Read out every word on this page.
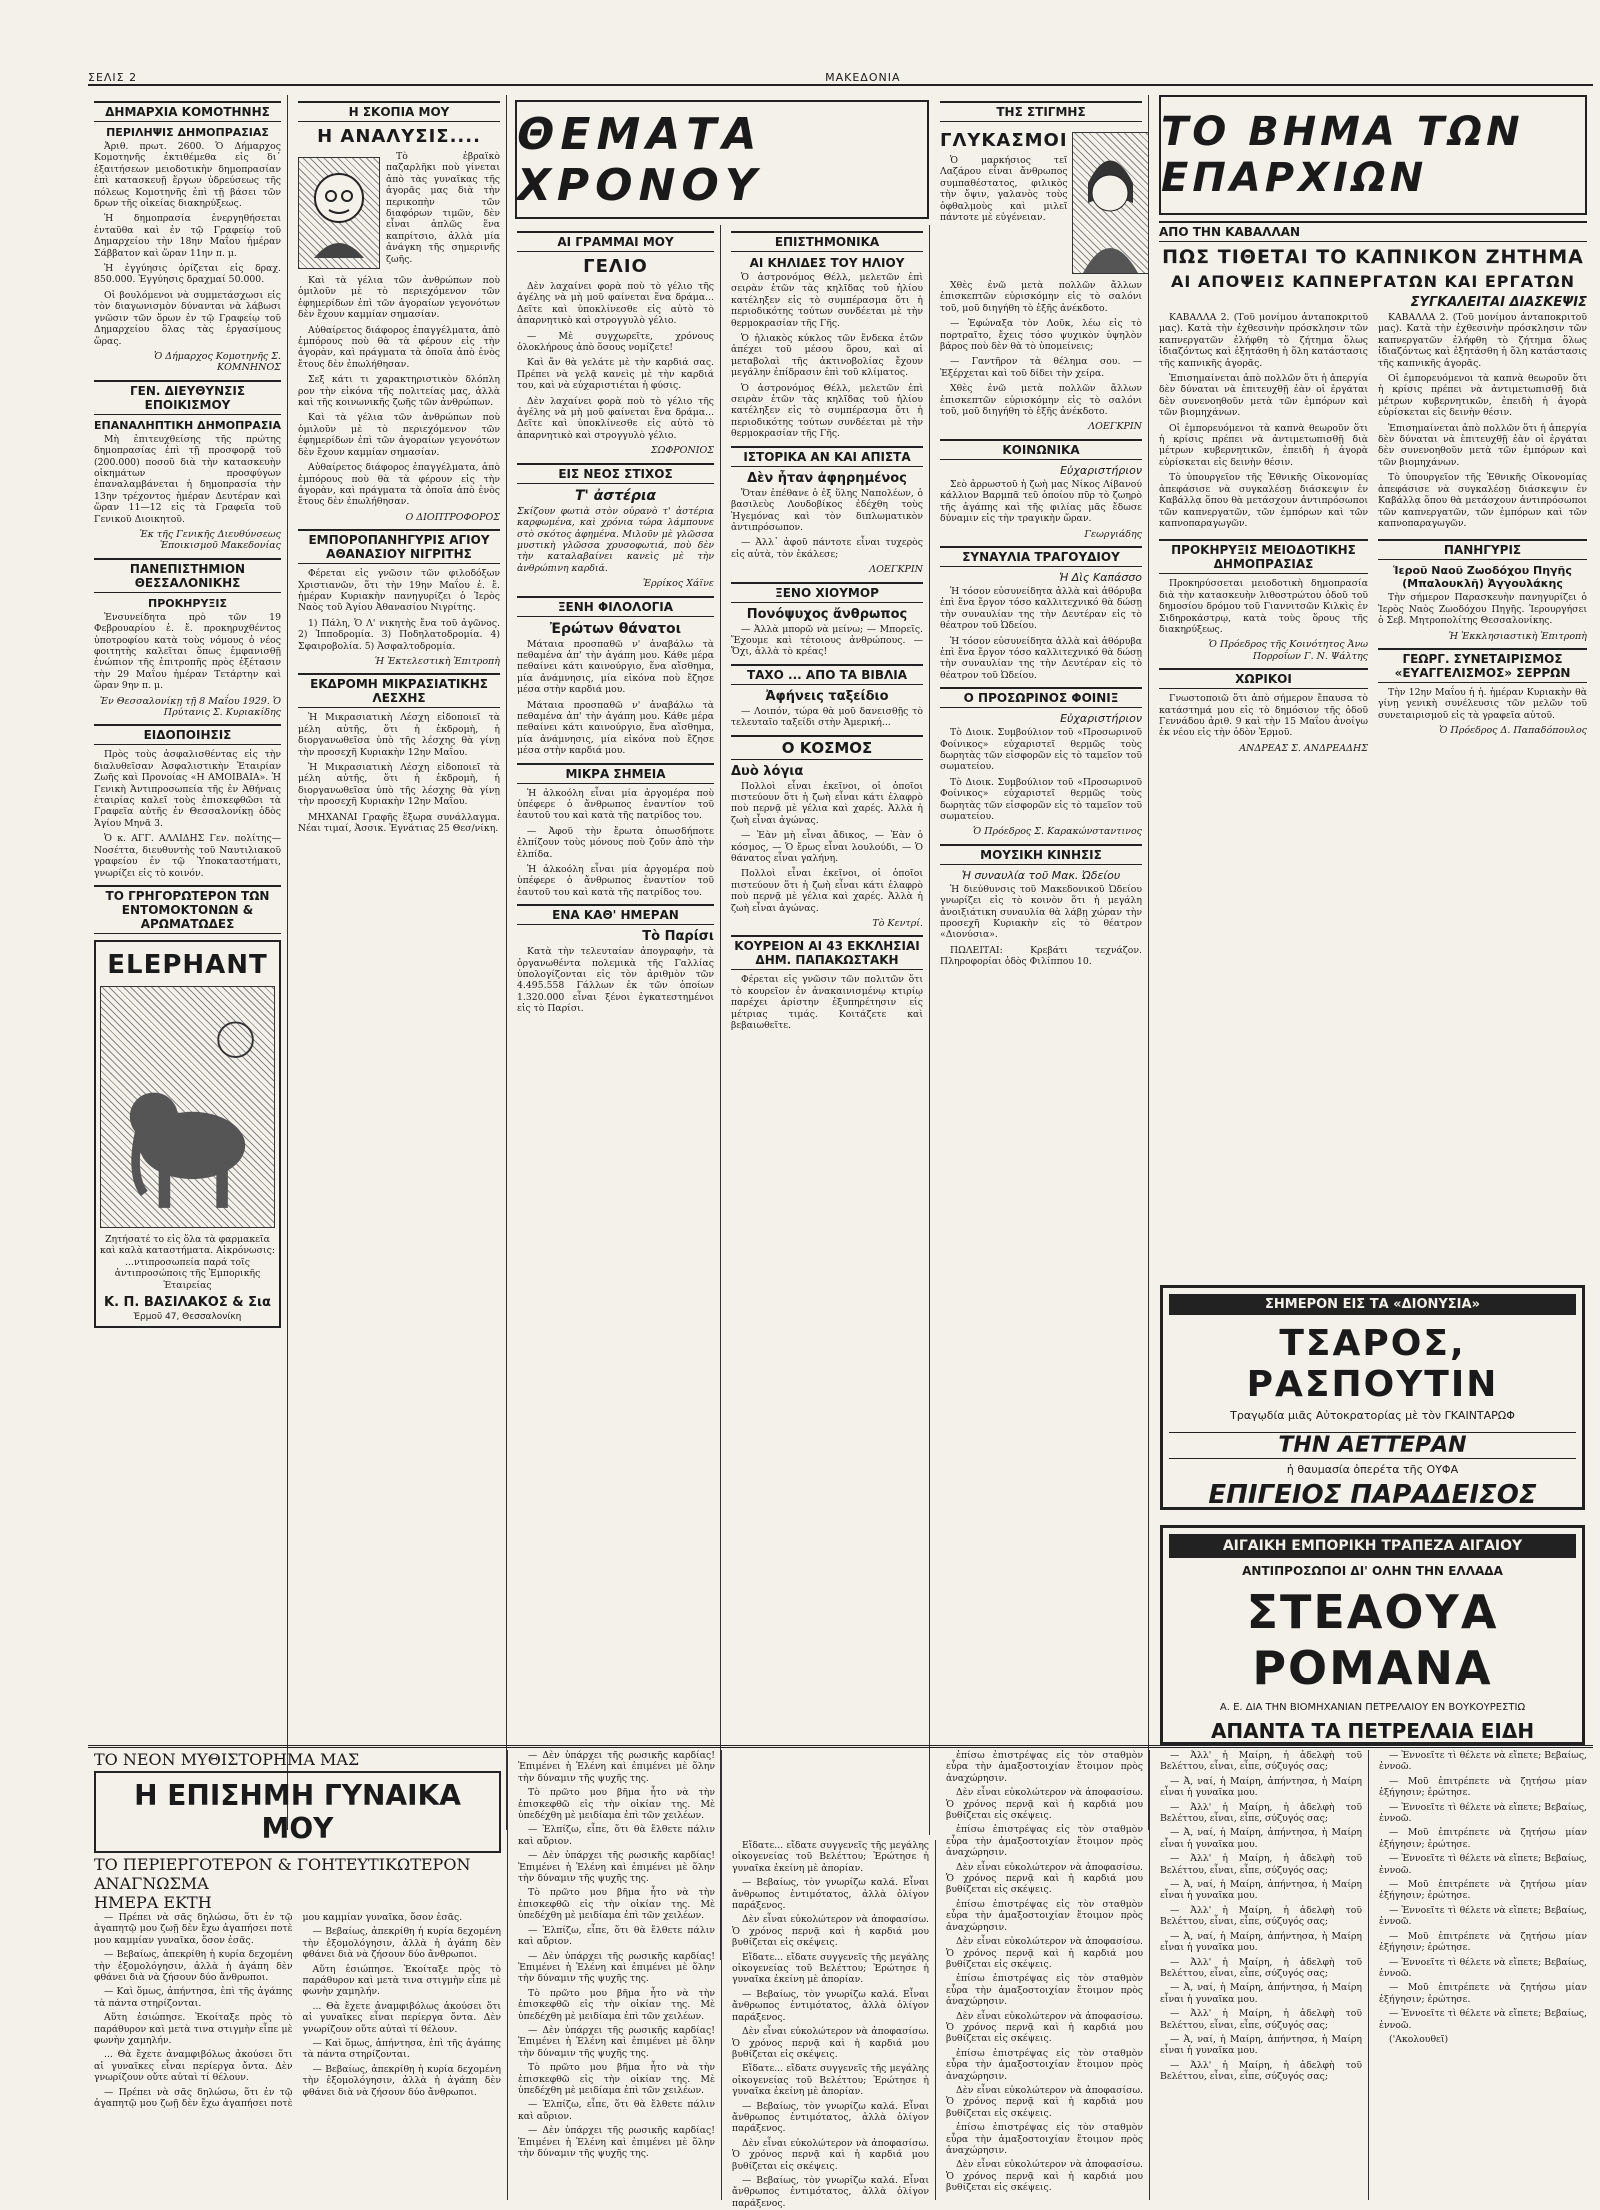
ΣΕΛΙΣ 2	ΜΑΚΕΔΟΝΙΑ

ΔΗΜΑΡΧΙΑ ΚΟΜΟΤΗΝΗΣ
ΠΕΡΙΛΗΨΙΣ ΔΗΜΟΠΡΑΣΙΑΣ

Ἀριθ. πρωτ. 2600. Ὁ Δήμαρχος Κομοτηνῆς ἐκτιθέμεθα εἰς δι᾽ ἐξαιτήσεων μειοδοτικὴν δημοπρασίαν ἐπὶ κατασκευῇ ἕργων ὑδρεύσεως τῆς πόλεως Κομοτηνῆς ἐπὶ τῇ βάσει τῶν δρων τῆς οἰκείας διακηρύξεως.

Ἡ δημοπρασία ἐνεργηθήσεται ἐνταῦθα καὶ ἐν τῷ Γραφείῳ τοῦ Δημαρχείου τὴν 18ην Μαΐου ἡμέραν Σάββατον καὶ ὥραν 11ην π. μ.

Ἡ ἐγγύησις ὁρίζεται εἰς δραχ. 850.000. Ἐγγύησις δραχμαί 50.000.

Οἱ βουλόμενοι νὰ συμμετάσχωσι εἰς τὸν διαγωνισμὸν δύνανται νὰ λάβωσι γνῶσιν τῶν ὅρων ἐν τῷ Γραφείῳ τοῦ Δημαρχείου ὅλας τὰς ἐργασίμους ὥρας.

Ὁ Δήμαρχος Κομοτηνῆς Σ. ΚΟΜΝΗΝΟΣ

ΓΕΝ. ΔΙΕΥΘΥΝΣΙΣ ΕΠΟΙΚΙΣΜΟΥ
ΕΠΑΝΑΛΗΠΤΙΚΗ ΔΗΜΟΠΡΑΣΙΑ

Μὴ ἐπιτευχθείσης τῆς πρώτης δημοπρασίας ἐπὶ τῇ προσφορᾷ τοῦ (200.000) ποσοῦ διὰ τὴν κατασκευὴν οἰκημάτων προσφύγων ἐπαναλαμβάνεται ἡ δημοπρασία τὴν 13ην τρέχοντος ἡμέραν Δευτέραν καὶ ὥραν 11—12 εἰς τὰ Γραφεῖα τοῦ Γενικοῦ Διοικητοῦ.

Ἐκ τῆς Γενικῆς Διευθύνσεως Ἐποικισμοῦ Μακεδονίας

ΠΑΝΕΠΙΣΤΗΜΙΟΝ ΘΕΣΣΑΛΟΝΙΚΗΣ
ΠΡΟΚΗΡΥΞΙΣ

Ἐνσυνείδητα πρὸ τῶν 19 Φεβρουαρίου ἐ. ἔ. προκηρυχθέντος ὑποτροφίου κατὰ τοὺς νόμους ὁ νέος φοιτητὴς καλεῖται ὅπως ἐμφανισθῇ ἐνώπιον τῆς ἐπιτροπῆς πρὸς ἐξέτασιν τὴν 29 Μαΐου ἡμέραν Τετάρτην καὶ ὥραν 9ην π. μ.

Ἐν Θεσσαλονίκῃ τῇ 8 Μαΐου 1929. Ὁ Πρύτανις Σ. Κυριακίδης

ΕΙΔΟΠΟΙΗΣΙΣ

Πρὸς τοὺς ἀσφαλισθέντας εἰς τὴν διαλυθεῖσαν Ἀσφαλιστικὴν Ἑταιρίαν Ζωῆς καὶ Προνοίας «Η ΑΜΟΙΒΑΙΑ». Ἡ Γενικὴ Ἀντιπροσωπεία τῆς ἐν Ἀθήναις ἐταιρίας καλεῖ τοὺς ἐπισκεφθῶσι τὰ Γραφεῖα αὐτῆς ἐν Θεσσαλονίκῃ ὁδὸς Ἁγίου Μηνᾶ 3.

Ὁ κ. ΑΓΓ. ΑΛΛΙΔΗΣ Γεν. πολίτης—Νοσέττα, διευθυντὴς τοῦ Ναυτιλιακοῦ γραφείου ἐν τῷ Ὑποκαταστήματι, γνωρίζει εἰς τὸ κοινόν.

ΤΟ ΓΡΗΓΟΡΩΤΕΡΟΝ ΤΩΝ ΕΝΤΟΜΟΚΤΟΝΩΝ & ΑΡΩΜΑΤΩΔΕΣ
ELEPHANT

Ζητήσατέ το εἰς ὅλα τὰ φαρμακεῖα καὶ καλὰ καταστήματα. Αἰκρόνωσις: ...ντιπροσωπεία παρά τοῖς ἀντιπροσώποις τῆς Ἐμπορικῆς Ἑταιρείας

Κ. Π. ΒΑΣΙΛΑΚΟΣ & Σια
Ἑρμοῦ 47, Θεσσαλονίκη
Η ΣΚΟΠΙΑ ΜΟΥ
Η ΑΝΑΛΥΣΙΣ....

Τὸ ἐβραϊκὸ παζαρλῆκι ποὺ γίνεται ἀπὸ τὰς γυναῖκας τῆς ἀγορᾶς μας διὰ τὴν περικοπὴν τῶν διαφόρων τιμῶν, δὲν εἶναι ἁπλῶς ἕνα καπρίτσιο, ἀλλὰ μία ἀνάγκη τῆς σημερινῆς ζωῆς.

Καὶ τὰ γέλια τῶν ἀνθρώπων ποὺ ὁμιλοῦν μὲ τὸ περιεχόμενον τῶν ἐφημερίδων ἐπὶ τῶν ἀγοραίων γεγονότων δὲν ἔχουν καμμίαν σημασίαν.

Αὐθαίρετος διάφορος ἐπαγγέλματα, ἀπὸ ἐμπόρους ποὺ θὰ τὰ φέρουν εἰς τὴν ἀγορὰν, καὶ πράγματα τὰ ὁποῖα ἀπὸ ἑνὸς ἔτους δὲν ἐπωλήθησαν.

Σεξ κάτι τι χαρακτηριστικὸν δλόπλη ρον τὴν εἰκόνα τῆς πολιτείας μας, ἀλλὰ καὶ τῆς κοινωνικῆς ζωῆς τῶν ἀνθρώπων.

Καὶ τὰ γέλια τῶν ἀνθρώπων ποὺ ὁμιλοῦν μὲ τὸ περιεχόμενον τῶν ἐφημερίδων ἐπὶ τῶν ἀγοραίων γεγονότων δὲν ἔχουν καμμίαν σημασίαν.

Αὐθαίρετος διάφορος ἐπαγγέλματα, ἀπὸ ἐμπόρους ποὺ θὰ τὰ φέρουν εἰς τὴν ἀγορὰν, καὶ πράγματα τὰ ὁποῖα ἀπὸ ἑνὸς ἔτους δὲν ἐπωλήθησαν.

Ο ΔΙΟΠΤΡΟΦΟΡΟΣ

ΕΜΠΟΡΟΠΑΝΗΓΥΡΙΣ ΑΓΙΟΥ ΑΘΑΝΑΣΙΟΥ ΝΙΓΡΙΤΗΣ

Φέρεται εἰς γνῶσιν τῶν φιλοδόξων Χριστιανῶν, ὅτι τὴν 19ην Μαΐου ἐ. ἔ. ἡμέραν Κυριακὴν πανηγυρίζει ὁ Ἱερὸς Ναὸς τοῦ Ἁγίου Ἀθανασίου Νιγρίτης.

1) Πάλη, Ὁ Λ' νικητὴς ἔνα τοῦ ἀγῶνος. 2) Ἱπποδρομία. 3) Ποδηλατοδρομία. 4) Σφαιροβολία. 5) Ἀσφαλτοδρομία.

Ἡ Ἐκτελεστικὴ Ἐπιτροπὴ

ΕΚΔΡΟΜΗ ΜΙΚΡΑΣΙΑΤΙΚΗΣ ΛΕΣΧΗΣ

Ἡ Μικρασιατικὴ Λέσχη εἰδοποιεῖ τὰ μέλη αὐτῆς, ὅτι ἡ ἐκδρομὴ, ἡ διοργανωθεῖσα ὑπὸ τῆς λέσχης θὰ γίνῃ τὴν προσεχῆ Κυριακὴν 12ην Μαΐου.

Ἡ Μικρασιατικὴ Λέσχη εἰδοποιεῖ τὰ μέλη αὐτῆς, ὅτι ἡ ἐκδρομὴ, ἡ διοργανωθεῖσα ὑπὸ τῆς λέσχης θὰ γίνῃ τὴν προσεχῆ Κυριακὴν 12ην Μαΐου.

ΜΗΧΑΝΑΙ Γραφῆς ἕξωρα συνάλλαγμα. Νέαι τιμαί, Ἀσσικ. Ἐγνάτιας 25 Θεσ/νίκη.

ΑΙ ΓΡΑΜΜΑΙ ΜΟΥ
ΓΕΛΙΟ

Δὲν λαχαίνει φορὰ ποὺ τὸ γέλιο τῆς ἀγέλης νὰ μὴ μοῦ φαίνεται ἕνα δράμα... Δεῖτε καὶ ὑποκλίνεσθε εἰς αὐτὸ τὸ ἀπαρνητικὸ καὶ στρογγυλὸ γέλιο.

— Μὲ συγχωρεῖτε, χρόνους ὁλοκλήρους ἀπὸ ὅσους νομίζετε!

Καὶ ἄν θὰ γελάτε μὲ τὴν καρδιά σας. Πρέπει νὰ γελᾷ κανεὶς μὲ τὴν καρδιά του, καὶ νὰ εὐχαριστιέται ἡ φύσις.

Δὲν λαχαίνει φορὰ ποὺ τὸ γέλιο τῆς ἀγέλης νὰ μὴ μοῦ φαίνεται ἕνα δράμα... Δεῖτε καὶ ὑποκλίνεσθε εἰς αὐτὸ τὸ ἀπαρνητικὸ καὶ στρογγυλὸ γέλιο.

ΣΩΦΡΟΝΙΟΣ

ΕΙΣ ΝΕΟΣ ΣΤΙΧΟΣ
Τ' ἀστέρια

Σκίζουν φωτιὰ στὸν οὐρανὸ τ' ἀστέρια καρφωμένα, καὶ χρόνια τώρα λάμπουνε στὸ σκότος ἀφημένα. Μιλοῦν μὲ γλῶσσα μυστικὴ γλῶσσα χρυσοφωτιά, ποὺ δὲν τὴν καταλαβαίνει κανεὶς μὲ τὴν ἀνθρώπινη καρδιά.

Ἐρρίκος Χάϊνε

ΞΕΝΗ ΦΙΛΟΛΟΓΙΑ
Ἐρώτων θάνατοι

Μάταια προσπαθῶ ν' ἀναβάλω τὰ πεθαμένα ἀπ' τὴν ἀγάπη μου. Κάθε μέρα πεθαίνει κάτι καινούργιο, ἕνα αἴσθημα, μία ἀνάμνησις, μία εἰκόνα ποὺ ἔζησε μέσα στὴν καρδιά μου.

Μάταια προσπαθῶ ν' ἀναβάλω τὰ πεθαμένα ἀπ' τὴν ἀγάπη μου. Κάθε μέρα πεθαίνει κάτι καινούργιο, ἕνα αἴσθημα, μία ἀνάμνησις, μία εἰκόνα ποὺ ἔζησε μέσα στὴν καρδιά μου.

ΜΙΚΡΑ ΣΗΜΕΙΑ

Ἡ ἀλκοόλη εἶναι μία ἀργομέρα ποὺ ὑπέφερε ὁ ἄνθρωπος ἐναντίον τοῦ ἑαυτοῦ του καὶ κατὰ τῆς πατρίδος του.

— Ἀφοῦ τὴν ἔρωτα ὁπωσδήποτε ἐλπίζουν τοὺς μόνους ποὺ ζοῦν ἀπὸ τὴν ἐλπίδα.

Ἡ ἀλκοόλη εἶναι μία ἀργομέρα ποὺ ὑπέφερε ὁ ἄνθρωπος ἐναντίον τοῦ ἑαυτοῦ του καὶ κατὰ τῆς πατρίδος του.

ΕΝΑ ΚΑΘ' ΗΜΕΡΑΝ
Τὸ Παρίσι

Κατὰ τὴν τελευταίαν ἀπογραφὴν, τὰ ὀργανωθέντα πολεμικὰ τῆς Γαλλίας ὑπολογίζονται εἰς τὸν ἀριθμὸν τῶν 4.495.558 Γάλλων ἐκ τῶν ὁποίων 1.320.000 εἶναι ξένοι ἐγκατεστημένοι εἰς τὸ Παρίσι.

ΘΕΜΑΤΑ ΧΡΟΝΟΥ
ΕΠΙΣΤΗΜΟΝΙΚΑ
ΑΙ ΚΗΛΙΔΕΣ ΤΟΥ ΗΛΙΟΥ

Ὁ ἀστρονόμος Θέλλ, μελετῶν ἐπὶ σειρὰν ἐτῶν τὰς κηλῖδας τοῦ ἡλίου κατέληξεν εἰς τὸ συμπέρασμα ὅτι ἡ περιοδικότης τούτων συνδέεται μὲ τὴν θερμοκρασίαν τῆς Γῆς.

Ὁ ἡλιακὸς κύκλος τῶν ἕνδεκα ἐτῶν ἀπέχει τοῦ μέσου ὅρου, καὶ αἱ μεταβολαὶ τῆς ἀκτινοβολίας ἔχουν μεγάλην ἐπίδρασιν ἐπὶ τοῦ κλίματος.

Ὁ ἀστρονόμος Θέλλ, μελετῶν ἐπὶ σειρὰν ἐτῶν τὰς κηλῖδας τοῦ ἡλίου κατέληξεν εἰς τὸ συμπέρασμα ὅτι ἡ περιοδικότης τούτων συνδέεται μὲ τὴν θερμοκρασίαν τῆς Γῆς.

ΙΣΤΟΡΙΚΑ ΑΝ ΚΑΙ ΑΠΙΣΤΑ
Δὲν ἦταν ἀφηρημένος

Ὅταν ἐπέθανε ὁ ἐξ ὕλης Ναπολέων, ὁ βασιλεὺς Λουδοβίκος ἐδέχθη τοὺς Ἡγεμόνας καὶ τὸν διπλωματικὸν ἀντιπρόσωπον.

— Ἀλλ᾽ ἀφοῦ πάντοτε εἶναι τυχερὸς εἰς αὐτὰ, τὸν ἐκάλεσε;

ΛΟΕΓΚΡΙΝ

ΞΕΝΟ ΧΙΟΥΜΟΡ
Πονόψυχος ἄνθρωπος

— Ἀλλὰ μπορῶ νὰ μείνω; — Μπορεῖς. Ἔχουμε καὶ τέτοιους ἀνθρώπους. — Ὄχι, ἀλλὰ τὸ κρέας!

ΤΑΧΟ ... ΑΠΟ ΤΑ ΒΙΒΛΙΑ
Ἀφήνεις ταξείδιο

— Λοιπόν, τώρα θὰ μοῦ δανεισθῇς τὸ τελευταῖο ταξείδι στὴν Ἀμερική...

Ο ΚΟΣΜΟΣ
Δυὸ λόγια

Πολλοὶ εἶναι ἐκεῖνοι, οἱ ὁποῖοι πιστεύουν ὅτι ἡ ζωὴ εἶναι κάτι ἐλαφρὸ ποὺ περνᾷ μὲ γέλια καὶ χαρές. Ἀλλὰ ἡ ζωὴ εἶναι ἀγώνας.

— Ἐὰν μὴ εἶναι ἄδικος, — Ἐὰν ὁ κόσμος, — Ὁ ἔρως εἶναι λουλούδι, — Ὁ θάνατος εἶναι γαλήνη.

Πολλοὶ εἶναι ἐκεῖνοι, οἱ ὁποῖοι πιστεύουν ὅτι ἡ ζωὴ εἶναι κάτι ἐλαφρὸ ποὺ περνᾷ μὲ γέλια καὶ χαρές. Ἀλλὰ ἡ ζωὴ εἶναι ἀγώνας.

Τὸ Κεντρί.

ΚΟΥΡΕΙΟΝ ΑΙ 43 ΕΚΚΛΗΣΙΑΙ ΔΗΜ. ΠΑΠΑΚΩΣΤΑΚΗ

Φέρεται εἰς γνῶσιν τῶν πολιτῶν ὅτι τὸ κουρεῖον ἐν ἀνακαινισμένῳ κτιρίῳ παρέχει ἀρίστην ἐξυπηρέτησιν εἰς μέτριας τιμάς. Κοιτάζετε καὶ βεβαιωθεῖτε.

ΤΗΣ ΣΤΙΓΜΗΣ
ΓΛΥΚΑΣΜΟΙ

Ὁ μαρκήσιος τεῖ Λαζάρου εἶναι ἄνθρωπος συμπαθέστατος, φιλικὸς τὴν ὄψιν, γαλανὸς τοὺς ὀφθαλμοὺς καὶ μιλεῖ πάντοτε μὲ εὐγένειαν.

Χθὲς ἐνῶ μετὰ πολλῶν ἄλλων ἐπισκεπτῶν εὑρισκόμην εἰς τὸ σαλόνι τοῦ, μοῦ διηγήθη τὸ ἑξῆς ἀνέκδοτο.

— Ἐφώναξα τὸν Λοῦκ, λέω εἰς τὸ πορτραῖτο, ἔχεις τόσο ψυχικὸν ὑψηλὸν βάρος ποὺ δὲν θὰ τὸ ὑπομείνεις;

— Γαντῆρον τὰ θέλημα σου. — Ἐξέρχεται καὶ τοῦ δίδει τὴν χείρα.

Χθὲς ἐνῶ μετὰ πολλῶν ἄλλων ἐπισκεπτῶν εὑρισκόμην εἰς τὸ σαλόνι τοῦ, μοῦ διηγήθη τὸ ἑξῆς ἀνέκδοτο.

ΛΟΕΓΚΡΙΝ

ΚΟΙΝΩΝΙΚΑ
Εὐχαριστήριον

Σεὸ ἀρρωστοῦ ἡ ζωὴ μας Νίκος Λίβανού κάλλιον Βαρμπᾶ τεῦ ὁποίου πῦρ τὸ ζωηρὸ τῆς ἀγάπης καὶ τῆς φιλίας μᾶς ἔδωσε δύναμιν εἰς τὴν τραγικὴν ὥραν.

Γεωργιάδης

ΣΥΝΑΥΛΙΑ ΤΡΑΓΟΥΔΙΟΥ
Ἡ Δὶς Καπάσσο

Ἡ τόσον εὐσυνείδητα ἀλλὰ καὶ ἀθόρυβα ἐπὶ ἕνα ἔργον τόσο καλλιτεχνικό θὰ δώσῃ τὴν συναυλίαν της τὴν Δευτέραν εἰς τὸ θέατρον τοῦ Ὠδείου.

Ἡ τόσον εὐσυνείδητα ἀλλὰ καὶ ἀθόρυβα ἐπὶ ἕνα ἔργον τόσο καλλιτεχνικό θὰ δώσῃ τὴν συναυλίαν της τὴν Δευτέραν εἰς τὸ θέατρον τοῦ Ὠδείου.

Ο ΠΡΟΣΩΡΙΝΟΣ ΦΟΙΝΙΞ
Εὐχαριστήριον

Τὸ Διοικ. Συμβούλιον τοῦ «Προσωρινοῦ Φοίνικος» εὐχαριστεῖ θερμῶς τοὺς δωρητὰς τῶν εἰσφορῶν εἰς τὸ ταμεῖον τοῦ σωματείου.

Τὸ Διοικ. Συμβούλιον τοῦ «Προσωρινοῦ Φοίνικος» εὐχαριστεῖ θερμῶς τοὺς δωρητὰς τῶν εἰσφορῶν εἰς τὸ ταμεῖον τοῦ σωματείου.

Ὁ Πρόεδρος Σ. Καρακώνσταντινος

ΜΟΥΣΙΚΗ ΚΙΝΗΣΙΣ
Ἡ συναυλία τοῦ Μακ. Ὠδείου

Ἡ διεύθυνσις τοῦ Μακεδονικοῦ Ὠδείου γνωρίζει εἰς τὸ κοινὸν ὅτι ἡ μεγάλη ἀνοιξιάτικη συναυλία θὰ λάβῃ χώραν τὴν προσεχῆ Κυριακὴν εἰς τὸ θέατρον «Διονύσια».

ΠΩΛΕΙΤΑΙ: Κρεβάτι τεχνάζον. Πληροφορίαι ὁδὸς Φιλίππου 10.

ΤΟ ΒΗΜΑ ΤΩΝ ΕΠΑΡΧΙΩΝ
ΑΠΟ ΤΗΝ ΚΑΒΑΛΛΑΝ
ΠΩΣ ΤΙΘΕΤΑΙ ΤΟ ΚΑΠΝΙΚΟΝ ΖΗΤΗΜΑ
ΑΙ ΑΠΟΨΕΙΣ ΚΑΠΝΕΡΓΑΤΩΝ ΚΑΙ ΕΡΓΑΤΩΝ
ΣΥΓΚΑΛΕΙΤΑΙ ΔΙΑΣΚΕΨΙΣ

ΚΑΒΑΛΛΑ 2. (Τοῦ μονίμου ἀνταποκριτοῦ μας). Κατὰ τὴν ἐχθεσινὴν πρόσκλησιν τῶν καπνεργατῶν ἐλήφθη τὸ ζήτημα ὅλως ἰδιαζόντως καὶ ἐξητάσθη ἡ ὅλη κατάστασις τῆς καπνικῆς ἀγορᾶς.

Ἐπισημαίνεται ἀπὸ πολλῶν ὅτι ἡ ἀπεργία δὲν δύναται νὰ ἐπιτευχθῇ ἐὰν οἱ ἐργάται δὲν συνενοηθοῦν μετὰ τῶν ἐμπόρων καὶ τῶν βιομηχάνων.

Οἱ ἐμπορευόμενοι τὰ καπνὰ θεωροῦν ὅτι ἡ κρίσις πρέπει νὰ ἀντιμετωπισθῇ διὰ μέτρων κυβερνητικῶν, ἐπειδὴ ἡ ἀγορὰ εὑρίσκεται εἰς δεινὴν θέσιν.

Τὸ ὑπουργεῖον τῆς Ἐθνικῆς Οἰκονομίας ἀπεφάσισε νὰ συγκαλέσῃ διάσκεψιν ἐν Καβάλλᾳ ὅπου θὰ μετάσχουν ἀντιπρόσωποι τῶν καπνεργατῶν, τῶν ἐμπόρων καὶ τῶν καπνοπαραγωγῶν.

ΚΑΒΑΛΛΑ 2. (Τοῦ μονίμου ἀνταποκριτοῦ μας). Κατὰ τὴν ἐχθεσινὴν πρόσκλησιν τῶν καπνεργατῶν ἐλήφθη τὸ ζήτημα ὅλως ἰδιαζόντως καὶ ἐξητάσθη ἡ ὅλη κατάστασις τῆς καπνικῆς ἀγορᾶς.

Οἱ ἐμπορευόμενοι τὰ καπνὰ θεωροῦν ὅτι ἡ κρίσις πρέπει νὰ ἀντιμετωπισθῇ διὰ μέτρων κυβερνητικῶν, ἐπειδὴ ἡ ἀγορὰ εὑρίσκεται εἰς δεινὴν θέσιν.

Ἐπισημαίνεται ἀπὸ πολλῶν ὅτι ἡ ἀπεργία δὲν δύναται νὰ ἐπιτευχθῇ ἐὰν οἱ ἐργάται δὲν συνενοηθοῦν μετὰ τῶν ἐμπόρων καὶ τῶν βιομηχάνων.

Τὸ ὑπουργεῖον τῆς Ἐθνικῆς Οἰκονομίας ἀπεφάσισε νὰ συγκαλέσῃ διάσκεψιν ἐν Καβάλλᾳ ὅπου θὰ μετάσχουν ἀντιπρόσωποι τῶν καπνεργατῶν, τῶν ἐμπόρων καὶ τῶν καπνοπαραγωγῶν.

ΠΡΟΚΗΡΥΞΙΣ ΜΕΙΟΔΟΤΙΚΗΣ ΔΗΜΟΠΡΑΣΙΑΣ

Προκηρύσσεται μειοδοτικὴ δημοπρασία διὰ τὴν κατασκευὴν λιθοστρώτου ὁδοῦ τοῦ δημοσίου δρόμου τοῦ Γιαννιτσῶν Κιλκὶς ἐν Σιδηροκάστρῳ, κατὰ τοὺς ὅρους τῆς διακηρύξεως.

Ὁ Πρόεδρος τῆς Κοινότητος Ἀνω Πορροΐων Γ. Ν. Ψάλτης

ΧΩΡΙΚΟΙ

Γνωστοποιῶ ὅτι ἀπὸ σήμερον ἔπαυσα τὸ κατάστημά μου εἰς τὸ δημόσιον τῆς ὁδοῦ Γεννάδου ἀριθ. 9 καὶ τὴν 15 Μαΐου ἀνοίγω ἐκ νέου εἰς τὴν ὁδὸν Ἑρμοῦ.

ΑΝΔΡΕΑΣ Σ. ΑΝΔΡΕΑΔΗΣ

ΠΑΝΗΓΥΡΙΣ
Ἱεροῦ Ναοῦ Ζωοδόχου Πηγῆς (Μπαλουκλῆ) Ἀγγουλάκης

Τὴν σήμερον Παρασκευὴν πανηγυρίζει ὁ Ἱερὸς Ναὸς Ζωοδόχου Πηγῆς. Ἱερουργήσει ὁ Σεβ. Μητροπολίτης Θεσσαλονίκης.

Ἡ Ἐκκλησιαστικὴ Ἐπιτροπὴ

ΓΕΩΡΓ. ΣΥΝΕΤΑΙΡΙΣΜΟΣ «ΕΥΑΓΓΕΛΙΣΜΟΣ» ΣΕΡΡΩΝ

Τὴν 12ην Μαΐου ἡ ἡ. ἡμέραν Κυριακὴν θὰ γίνῃ γενικὴ συνέλευσις τῶν μελῶν τοῦ συνεταιρισμοῦ εἰς τὰ γραφεῖα αὐτοῦ.

Ὁ Πρόεδρος Δ. Παπαδόπουλος

ΣΗΜΕΡΟΝ ΕΙΣ ΤΑ «ΔΙΟΝΥΣΙΑ»
ΤΣΑΡΟΣ, ΡΑΣΠΟΥΤΙΝ
Τραγῳδία μιᾶς Αὐτοκρατορίας μὲ τὸν ΓΚΑΙΝΤΑΡΩΦ
ΤΗΝ ΑΕΤΤΕΡΑΝ
ἡ θαυμασία ὀπερέτα τῆς ΟΥΦΑ
ΕΠΙΓΕΙΟΣ ΠΑΡΑΔΕΙΣΟΣ
ΑΙΓΑΙΚΗ ΕΜΠΟΡΙΚΗ ΤΡΑΠΕΖΑ ΑΙΓΑΙΟΥ
ΑΝΤΙΠΡΟΣΩΠΟΙ ΔΙ' ΟΛΗΝ ΤΗΝ ΕΛΛΑΔΑ
ΣΤΕΑΟΥΑ ΡΟΜΑΝΑ
Α. Ε. ΔΙΑ ΤΗΝ ΒΙΟΜΗΧΑΝΙΑΝ ΠΕΤΡΕΛΑΙΟΥ ΕΝ ΒΟΥΚΟΥΡΕΣΤΙΩ
ΑΠΑΝΤΑ ΤΑ ΠΕΤΡΕΛΑΙΑ ΕΙΔΗ
ΤΟ ΝΕΟΝ ΜΥΘΙΣΤΟΡΗΜΑ ΜΑΣ
Η ΕΠΙΣΗΜΗ ΓΥΝΑΙΚΑ ΜΟΥ
ΤΟ ΠΕΡΙΕΡΓΟΤΕΡΟΝ & ΓΟΗΤΕΥΤΙΚΩΤΕΡΟΝ ΑΝΑΓΝΩΣΜΑ
ΗΜΕΡΑ ΕΚΤΗ

— Πρέπει νὰ σᾶς δηλώσω, ὅτι ἐν τῷ ἀγαπητῷ μου ζωῇ δὲν ἔχω ἀγαπήσει ποτὲ μου καμμίαν γυναῖκα, ὅσον ἐσᾶς.

— Βεβαίως, ἀπεκρίθη ἡ κυρία δεχομένη τὴν ἐξομολόγησιν, ἀλλὰ ἡ ἀγάπη δὲν φθάνει διὰ νὰ ζήσουν δύο ἄνθρωποι.

— Καὶ ὅμως, ἀπήντησα, ἐπὶ τῆς ἀγάπης τὰ πάντα στηρίζονται.

Αὕτη ἐσιώπησε. Ἐκοίταξε πρὸς τὸ παράθυρον καὶ μετὰ τινα στιγμὴν εἶπε μὲ φωνὴν χαμηλήν.

... Θὰ ἔχετε ἀναμφιβόλως ἀκούσει ὅτι αἱ γυναῖκες εἶναι περίεργα ὄντα. Δὲν γνωρίζουν οὔτε αὐταὶ τί θέλουν.

— Πρέπει νὰ σᾶς δηλώσω, ὅτι ἐν τῷ ἀγαπητῷ μου ζωῇ δὲν ἔχω ἀγαπήσει ποτὲ μου καμμίαν γυναῖκα, ὅσον ἐσᾶς.

— Βεβαίως, ἀπεκρίθη ἡ κυρία δεχομένη τὴν ἐξομολόγησιν, ἀλλὰ ἡ ἀγάπη δὲν φθάνει διὰ νὰ ζήσουν δύο ἄνθρωποι.

Αὕτη ἐσιώπησε. Ἐκοίταξε πρὸς τὸ παράθυρον καὶ μετὰ τινα στιγμὴν εἶπε μὲ φωνὴν χαμηλήν.

... Θὰ ἔχετε ἀναμφιβόλως ἀκούσει ὅτι αἱ γυναῖκες εἶναι περίεργα ὄντα. Δὲν γνωρίζουν οὔτε αὐταὶ τί θέλουν.

— Καὶ ὅμως, ἀπήντησα, ἐπὶ τῆς ἀγάπης τὰ πάντα στηρίζονται.

— Βεβαίως, ἀπεκρίθη ἡ κυρία δεχομένη τὴν ἐξομολόγησιν, ἀλλὰ ἡ ἀγάπη δὲν φθάνει διὰ νὰ ζήσουν δύο ἄνθρωποι.

— Δὲν ὑπάρχει τῆς ρωσικῆς καρδίας! Ἐπιμένει ἡ Ἑλένη καὶ ἐπιμένει μὲ ὅλην τὴν δύναμιν τῆς ψυχῆς της.

Τὸ πρῶτο μου βῆμα ἦτο νὰ τὴν ἐπισκεφθῶ εἰς τὴν οἰκίαν της. Μὲ ὑπεδέχθη μὲ μειδίαμα ἐπὶ τῶν χειλέων.

— Ἐλπίζω, εἶπε, ὅτι θὰ ἔλθετε πάλιν καὶ αὔριον.

— Δὲν ὑπάρχει τῆς ρωσικῆς καρδίας! Ἐπιμένει ἡ Ἑλένη καὶ ἐπιμένει μὲ ὅλην τὴν δύναμιν τῆς ψυχῆς της.

Τὸ πρῶτο μου βῆμα ἦτο νὰ τὴν ἐπισκεφθῶ εἰς τὴν οἰκίαν της. Μὲ ὑπεδέχθη μὲ μειδίαμα ἐπὶ τῶν χειλέων.

— Ἐλπίζω, εἶπε, ὅτι θὰ ἔλθετε πάλιν καὶ αὔριον.

— Δὲν ὑπάρχει τῆς ρωσικῆς καρδίας! Ἐπιμένει ἡ Ἑλένη καὶ ἐπιμένει μὲ ὅλην τὴν δύναμιν τῆς ψυχῆς της.

Τὸ πρῶτο μου βῆμα ἦτο νὰ τὴν ἐπισκεφθῶ εἰς τὴν οἰκίαν της. Μὲ ὑπεδέχθη μὲ μειδίαμα ἐπὶ τῶν χειλέων.

— Δὲν ὑπάρχει τῆς ρωσικῆς καρδίας! Ἐπιμένει ἡ Ἑλένη καὶ ἐπιμένει μὲ ὅλην τὴν δύναμιν τῆς ψυχῆς της.

Τὸ πρῶτο μου βῆμα ἦτο νὰ τὴν ἐπισκεφθῶ εἰς τὴν οἰκίαν της. Μὲ ὑπεδέχθη μὲ μειδίαμα ἐπὶ τῶν χειλέων.

— Ἐλπίζω, εἶπε, ὅτι θὰ ἔλθετε πάλιν καὶ αὔριον.

— Δὲν ὑπάρχει τῆς ρωσικῆς καρδίας! Ἐπιμένει ἡ Ἑλένη καὶ ἐπιμένει μὲ ὅλην τὴν δύναμιν τῆς ψυχῆς της.

Εἴδατε... εἴδατε συγγενεῖς τῆς μεγάλης οἰκογενείας τοῦ Βελέττου; Ἐρώτησε ἡ γυναῖκα ἐκείνη μὲ ἀπορίαν.

— Βεβαίως, τὸν γνωρίζω καλά. Εἶναι ἄνθρωπος ἐντιμότατος, ἀλλὰ ὀλίγον παράξενος.

Δὲν εἶναι εὐκολώτερον νὰ ἀποφασίσω. Ὁ χρόνος περνᾷ καὶ ἡ καρδιά μου βυθίζεται εἰς σκέψεις.

Εἴδατε... εἴδατε συγγενεῖς τῆς μεγάλης οἰκογενείας τοῦ Βελέττου; Ἐρώτησε ἡ γυναῖκα ἐκείνη μὲ ἀπορίαν.

— Βεβαίως, τὸν γνωρίζω καλά. Εἶναι ἄνθρωπος ἐντιμότατος, ἀλλὰ ὀλίγον παράξενος.

Δὲν εἶναι εὐκολώτερον νὰ ἀποφασίσω. Ὁ χρόνος περνᾷ καὶ ἡ καρδιά μου βυθίζεται εἰς σκέψεις.

Εἴδατε... εἴδατε συγγενεῖς τῆς μεγάλης οἰκογενείας τοῦ Βελέττου; Ἐρώτησε ἡ γυναῖκα ἐκείνη μὲ ἀπορίαν.

— Βεβαίως, τὸν γνωρίζω καλά. Εἶναι ἄνθρωπος ἐντιμότατος, ἀλλὰ ὀλίγον παράξενος.

Δὲν εἶναι εὐκολώτερον νὰ ἀποφασίσω. Ὁ χρόνος περνᾷ καὶ ἡ καρδιά μου βυθίζεται εἰς σκέψεις.

— Βεβαίως, τὸν γνωρίζω καλά. Εἶναι ἄνθρωπος ἐντιμότατος, ἀλλὰ ὀλίγον παράξενος.

ἐπίσω ἐπιστρέψας εἰς τὸν σταθμὸν εὗρα τὴν ἁμαξοστοιχίαν ἕτοιμον πρὸς ἀναχώρησιν.

Δὲν εἶναι εὐκολώτερον νὰ ἀποφασίσω. Ὁ χρόνος περνᾷ καὶ ἡ καρδιά μου βυθίζεται εἰς σκέψεις.

ἐπίσω ἐπιστρέψας εἰς τὸν σταθμὸν εὗρα τὴν ἁμαξοστοιχίαν ἕτοιμον πρὸς ἀναχώρησιν.

Δὲν εἶναι εὐκολώτερον νὰ ἀποφασίσω. Ὁ χρόνος περνᾷ καὶ ἡ καρδιά μου βυθίζεται εἰς σκέψεις.

ἐπίσω ἐπιστρέψας εἰς τὸν σταθμὸν εὗρα τὴν ἁμαξοστοιχίαν ἕτοιμον πρὸς ἀναχώρησιν.

Δὲν εἶναι εὐκολώτερον νὰ ἀποφασίσω. Ὁ χρόνος περνᾷ καὶ ἡ καρδιά μου βυθίζεται εἰς σκέψεις.

ἐπίσω ἐπιστρέψας εἰς τὸν σταθμὸν εὗρα τὴν ἁμαξοστοιχίαν ἕτοιμον πρὸς ἀναχώρησιν.

Δὲν εἶναι εὐκολώτερον νὰ ἀποφασίσω. Ὁ χρόνος περνᾷ καὶ ἡ καρδιά μου βυθίζεται εἰς σκέψεις.

ἐπίσω ἐπιστρέψας εἰς τὸν σταθμὸν εὗρα τὴν ἁμαξοστοιχίαν ἕτοιμον πρὸς ἀναχώρησιν.

Δὲν εἶναι εὐκολώτερον νὰ ἀποφασίσω. Ὁ χρόνος περνᾷ καὶ ἡ καρδιά μου βυθίζεται εἰς σκέψεις.

ἐπίσω ἐπιστρέψας εἰς τὸν σταθμὸν εὗρα τὴν ἁμαξοστοιχίαν ἕτοιμον πρὸς ἀναχώρησιν.

Δὲν εἶναι εὐκολώτερον νὰ ἀποφασίσω. Ὁ χρόνος περνᾷ καὶ ἡ καρδιά μου βυθίζεται εἰς σκέψεις.

— Ἀλλ' ἡ Μαίρη, ἡ ἀδελφὴ τοῦ Βελέττου, εἶναι, εἶπε, σύζυγός σας;

— Ἀ, ναί, ἡ Μαίρη, ἀπήντησα, ἡ Μαίρη εἶναι ἡ γυναῖκα μου.

— Ἀλλ' ἡ Μαίρη, ἡ ἀδελφὴ τοῦ Βελέττου, εἶναι, εἶπε, σύζυγός σας;

— Ἀ, ναί, ἡ Μαίρη, ἀπήντησα, ἡ Μαίρη εἶναι ἡ γυναῖκα μου.

— Ἀλλ' ἡ Μαίρη, ἡ ἀδελφὴ τοῦ Βελέττου, εἶναι, εἶπε, σύζυγός σας;

— Ἀ, ναί, ἡ Μαίρη, ἀπήντησα, ἡ Μαίρη εἶναι ἡ γυναῖκα μου.

— Ἀλλ' ἡ Μαίρη, ἡ ἀδελφὴ τοῦ Βελέττου, εἶναι, εἶπε, σύζυγός σας;

— Ἀ, ναί, ἡ Μαίρη, ἀπήντησα, ἡ Μαίρη εἶναι ἡ γυναῖκα μου.

— Ἀλλ' ἡ Μαίρη, ἡ ἀδελφὴ τοῦ Βελέττου, εἶναι, εἶπε, σύζυγός σας;

— Ἀ, ναί, ἡ Μαίρη, ἀπήντησα, ἡ Μαίρη εἶναι ἡ γυναῖκα μου.

— Ἀλλ' ἡ Μαίρη, ἡ ἀδελφὴ τοῦ Βελέττου, εἶναι, εἶπε, σύζυγός σας;

— Ἀ, ναί, ἡ Μαίρη, ἀπήντησα, ἡ Μαίρη εἶναι ἡ γυναῖκα μου.

— Ἀλλ' ἡ Μαίρη, ἡ ἀδελφὴ τοῦ Βελέττου, εἶναι, εἶπε, σύζυγός σας;

— Ἐννοεῖτε τὶ θέλετε νὰ εἴπετε; Βεβαίως, ἐννοῶ.

— Μοῦ ἐπιτρέπετε νὰ ζητήσω μίαν ἐξήγησιν; ἐρώτησε.

— Ἐννοεῖτε τὶ θέλετε νὰ εἴπετε; Βεβαίως, ἐννοῶ.

— Μοῦ ἐπιτρέπετε νὰ ζητήσω μίαν ἐξήγησιν; ἐρώτησε.

— Ἐννοεῖτε τὶ θέλετε νὰ εἴπετε; Βεβαίως, ἐννοῶ.

— Μοῦ ἐπιτρέπετε νὰ ζητήσω μίαν ἐξήγησιν; ἐρώτησε.

— Ἐννοεῖτε τὶ θέλετε νὰ εἴπετε; Βεβαίως, ἐννοῶ.

— Μοῦ ἐπιτρέπετε νὰ ζητήσω μίαν ἐξήγησιν; ἐρώτησε.

— Ἐννοεῖτε τὶ θέλετε νὰ εἴπετε; Βεβαίως, ἐννοῶ.

— Μοῦ ἐπιτρέπετε νὰ ζητήσω μίαν ἐξήγησιν; ἐρώτησε.

— Ἐννοεῖτε τὶ θέλετε νὰ εἴπετε; Βεβαίως, ἐννοῶ.

('Ακολουθεῖ)
